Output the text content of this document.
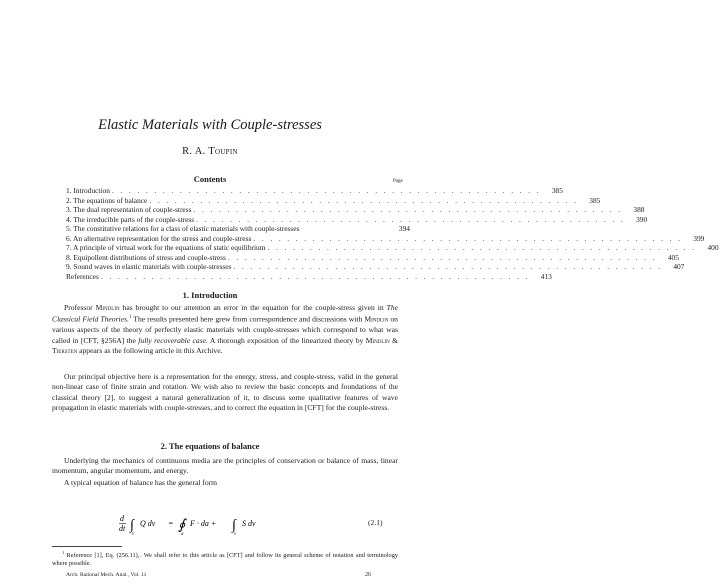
Elastic Materials with Couple-stresses
R. A. Toupin
Contents	Page
1. Introduction . . . . . . . . . . . . . . . . . . . . . . . . . . . . . . . . . . . . . . . . . . . . . . . . . . .	385
2. The equations of balance . . . . . . . . . . . . . . . . . . . . . . . . . . . . . . . . . . . . . . . . . . . . . . . . . . .	385
3. The dual representation of couple-stress . . . . . . . . . . . . . . . . . . . . . . . . . . . . . . . . . . . . . . . . . . . . . . . . . . .	388
4. The irreducible parts of the couple-stress . . . . . . . . . . . . . . . . . . . . . . . . . . . . . . . . . . . . . . . . . . . . . . . . . . .	390
5. The constitutive relations for a class of elastic materials with couple-stresses	394
6. An alternative representation for the stress and couple-stress . . . . . . . . . . . . . . . . . . . . . . . . . . . . . . . . . . . . . . . . . . . . . . . . . . .	399
7. A principle of virtual work for the equations of static equilibrium . . . . . . . . . . . . . . . . . . . . . . . . . . . . . . . . . . . . . . . . . . . . . . . . . . .	400
8. Equipollent distributions of stress and couple-stress . . . . . . . . . . . . . . . . . . . . . . . . . . . . . . . . . . . . . . . . . . . . . . . . . . .	405
9. Sound waves in elastic materials with couple-stresses . . . . . . . . . . . . . . . . . . . . . . . . . . . . . . . . . . . . . . . . . . . . . . . . . . .	407
References . . . . . . . . . . . . . . . . . . . . . . . . . . . . . . . . . . . . . . . . . . . . . . . . . . .	413
1. Introduction

Professor Mindlin has brought to our attention an error in the equation for the couple-stress given in The Classical Field Theories.$^1$ The results presented here grew from correspondence and discussions with Mindlin on various aspects of the theory of perfectly elastic materials with couple-stresses which correspond to what was called in [CFT, §256A] the fully recoverable case. A thorough exposition of the linearized theory by Mindlin & Tiersten appears as the following article in this Archive.

Our principal objective here is a representation for the energy, stress, and couple-stress, valid in the general non-linear case of finite strain and rotation. We wish also to review the basic concepts and foundations of the classical theory [2], to suggest a natural generalization of it, to discuss some qualitative features of wave propagation in elastic materials with couple-stresses, and to correct the equation in [CFT] for the couple-stress.

2. The equations of balance

Underlying the mechanics of continuous media are the principles of conservation or balance of mass, linear momentum, angular momentum, and energy.

A typical equation of balance has the general form

d
dt ∫
v
Q dv = ∮
a
F · da + ∫
v
S dv	(2.1)

$^1$ Reference [1], Eq. (256.11)₁. We shall refer to this article as [CFT] and follow its general scheme of notation and terminology where possible.

Arch. Rational Mech. Anal., Vol. 11	26
